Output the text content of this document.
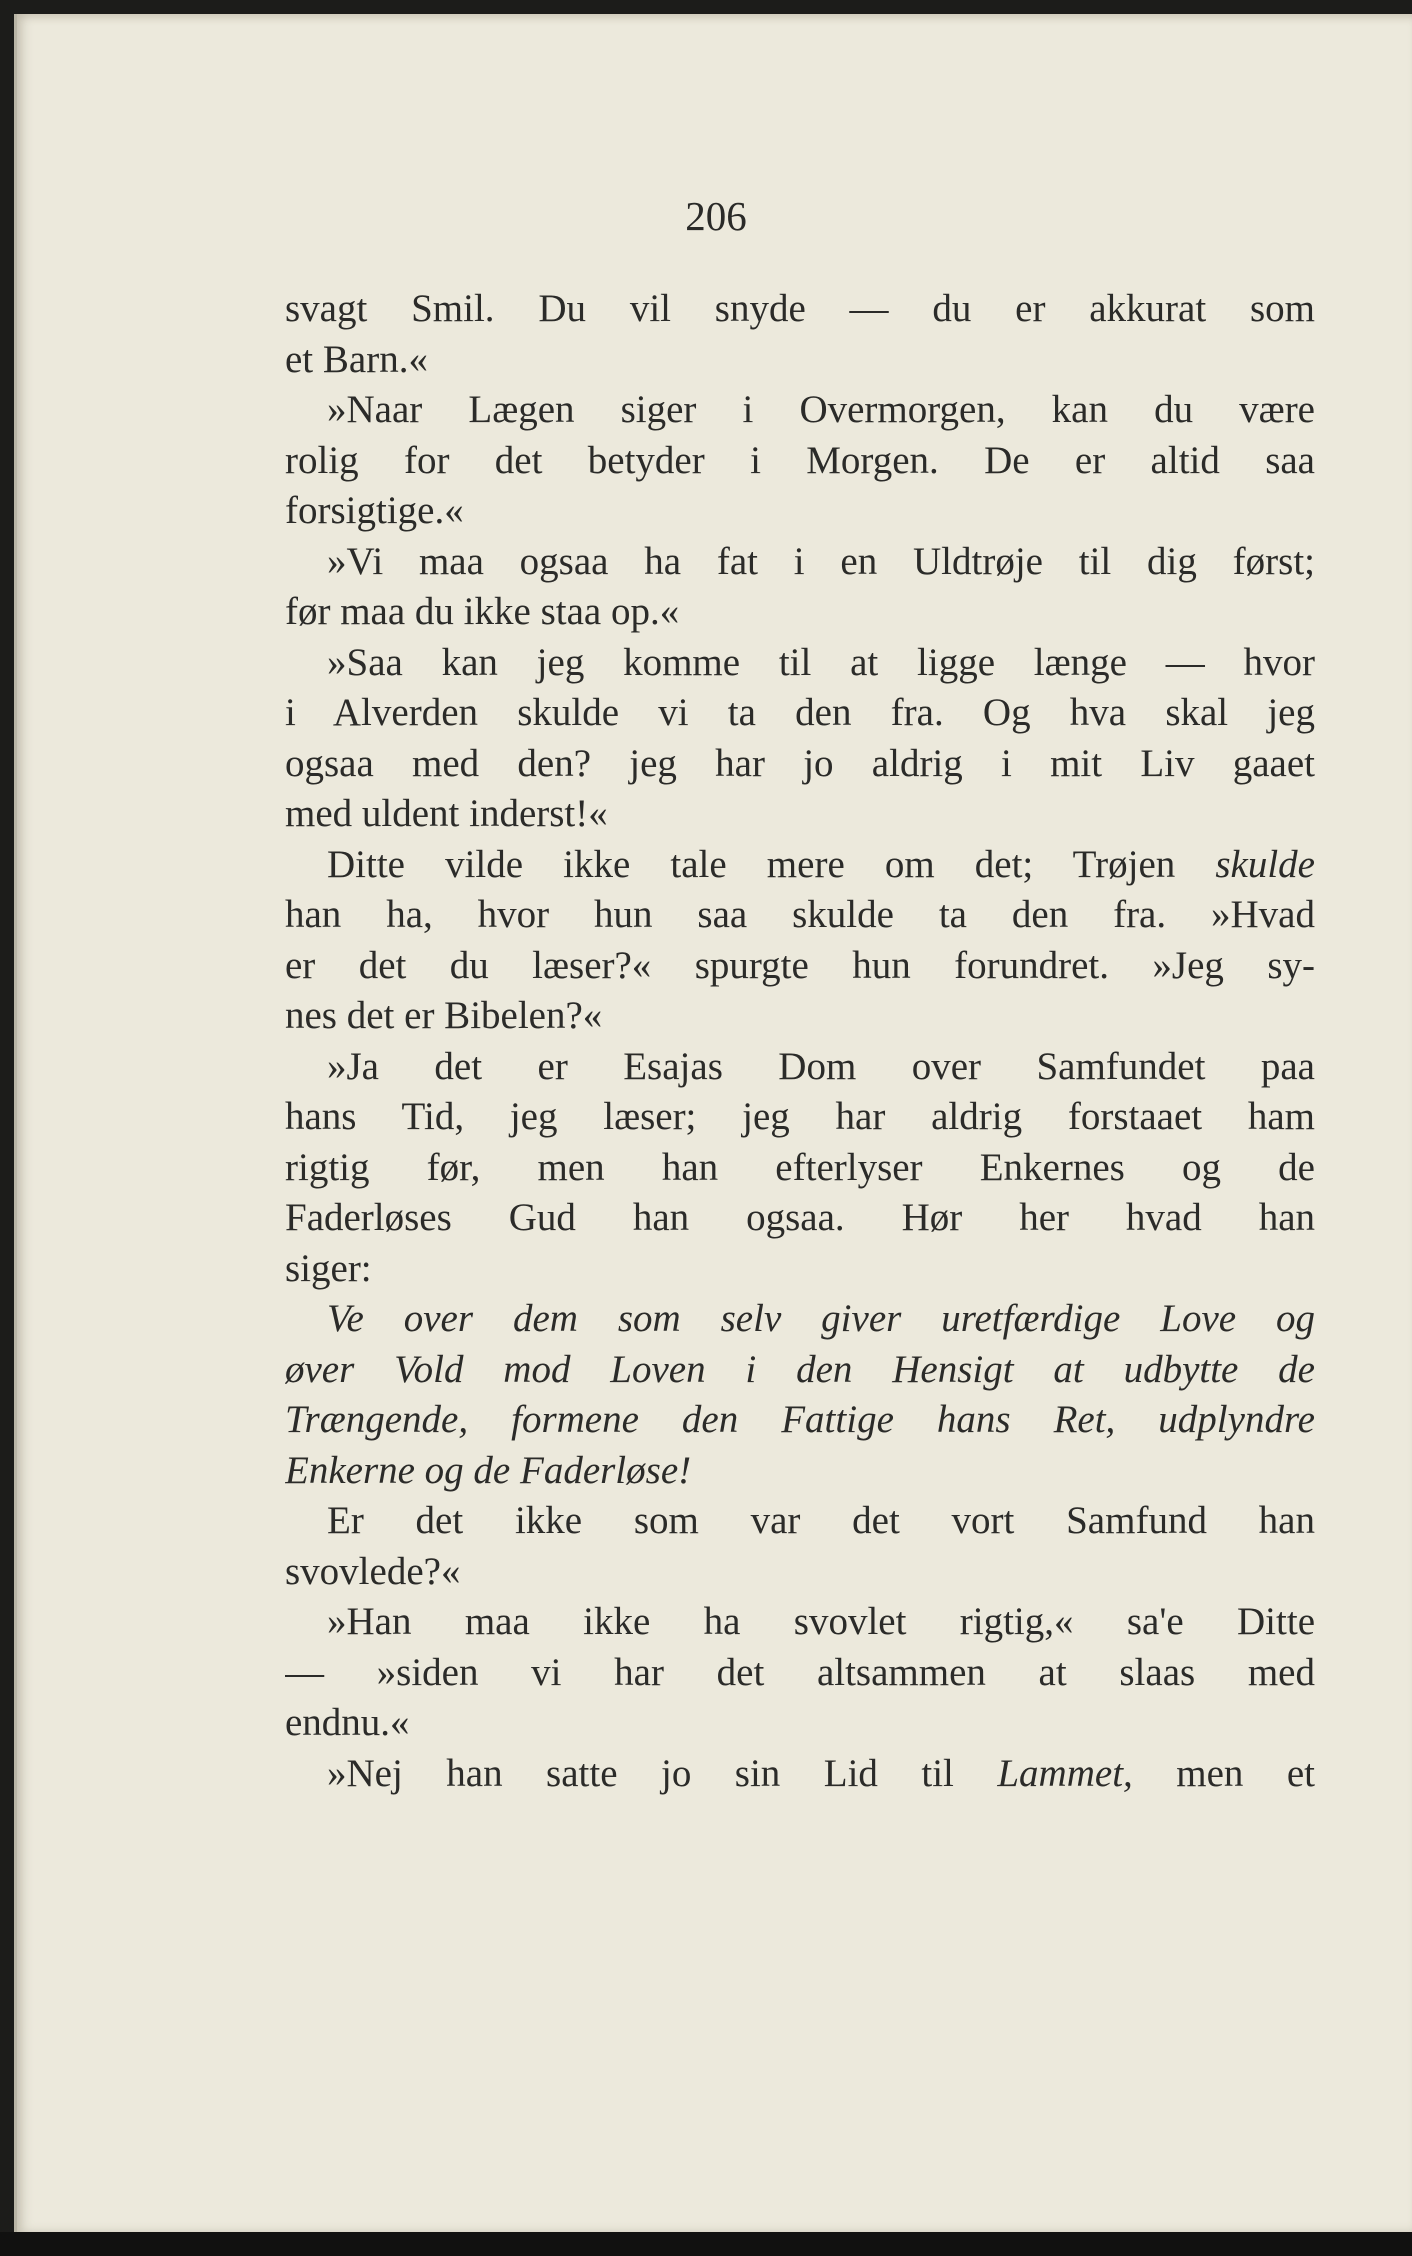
206
svagt Smil. Du vil snyde — du er akkurat som
et Barn.«
»Naar Lægen siger i Overmorgen, kan du være
rolig for det betyder i Morgen. De er altid saa
forsigtige.«
»Vi maa ogsaa ha fat i en Uldtrøje til dig først;
før maa du ikke staa op.«
»Saa kan jeg komme til at ligge længe — hvor
i Alverden skulde vi ta den fra. Og hva skal jeg
ogsaa med den? jeg har jo aldrig i mit Liv gaaet
med uldent inderst!«
Ditte vilde ikke tale mere om det; Trøjen skulde
han ha, hvor hun saa skulde ta den fra. »Hvad
er det du læser?« spurgte hun forundret. »Jeg sy-
nes det er Bibelen?«
»Ja det er Esajas Dom over Samfundet paa
hans Tid, jeg læser; jeg har aldrig forstaaet ham
rigtig før, men han efterlyser Enkernes og de
Faderløses Gud han ogsaa. Hør her hvad han
siger:
Ve over dem som selv giver uretfærdige Love og
øver Vold mod Loven i den Hensigt at udbytte de
Trængende, formene den Fattige hans Ret, udplyndre
Enkerne og de Faderløse!
Er det ikke som var det vort Samfund han
svovlede?«
»Han maa ikke ha svovlet rigtig,« sa'e Ditte
— »siden vi har det altsammen at slaas med
endnu.«
»Nej han satte jo sin Lid til Lammet, men et
